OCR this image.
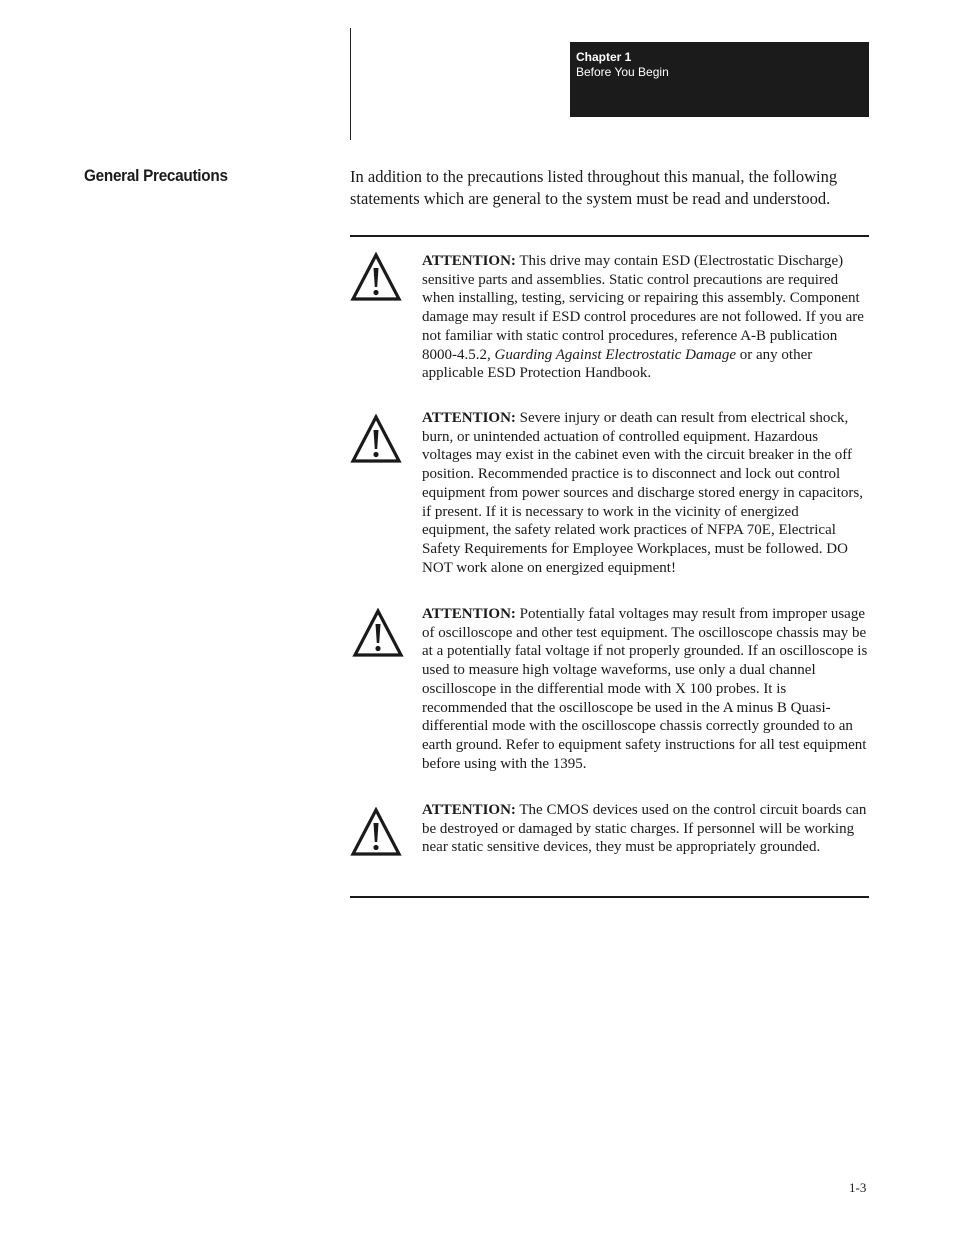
Chapter 1
Before You Begin
General Precautions	In addition to the precautions listed throughout this manual, the following statements which are general to the system must be read and understood.
ATTENTION: This drive may contain ESD (Electrostatic Discharge) sensitive parts and assemblies. Static control precautions are required when installing, testing, servicing or repairing this assembly. Component damage may result if ESD control procedures are not followed. If you are not familiar with static control procedures, reference A-B publication 8000-4.5.2, Guarding Against Electrostatic Damage or any other applicable ESD Protection Handbook.
ATTENTION: Severe injury or death can result from electrical shock, burn, or unintended actuation of controlled equipment. Hazardous voltages may exist in the cabinet even with the circuit breaker in the off position. Recommended practice is to disconnect and lock out control equipment from power sources and discharge stored energy in capacitors, if present. If it is necessary to work in the vicinity of energized equipment, the safety related work practices of NFPA 70E, Electrical Safety Requirements for Employee Workplaces, must be followed. DO NOT work alone on energized equipment!
ATTENTION: Potentially fatal voltages may result from improper usage of oscilloscope and other test equipment. The oscilloscope chassis may be at a potentially fatal voltage if not properly grounded. If an oscilloscope is used to measure high voltage waveforms, use only a dual channel oscilloscope in the differential mode with X 100 probes. It is recommended that the oscilloscope be used in the A minus B Quasi-differential mode with the oscilloscope chassis correctly grounded to an earth ground. Refer to equipment safety instructions for all test equipment before using with the 1395.
ATTENTION: The CMOS devices used on the control circuit boards can be destroyed or damaged by static charges. If personnel will be working near static sensitive devices, they must be appropriately grounded.
1-3
